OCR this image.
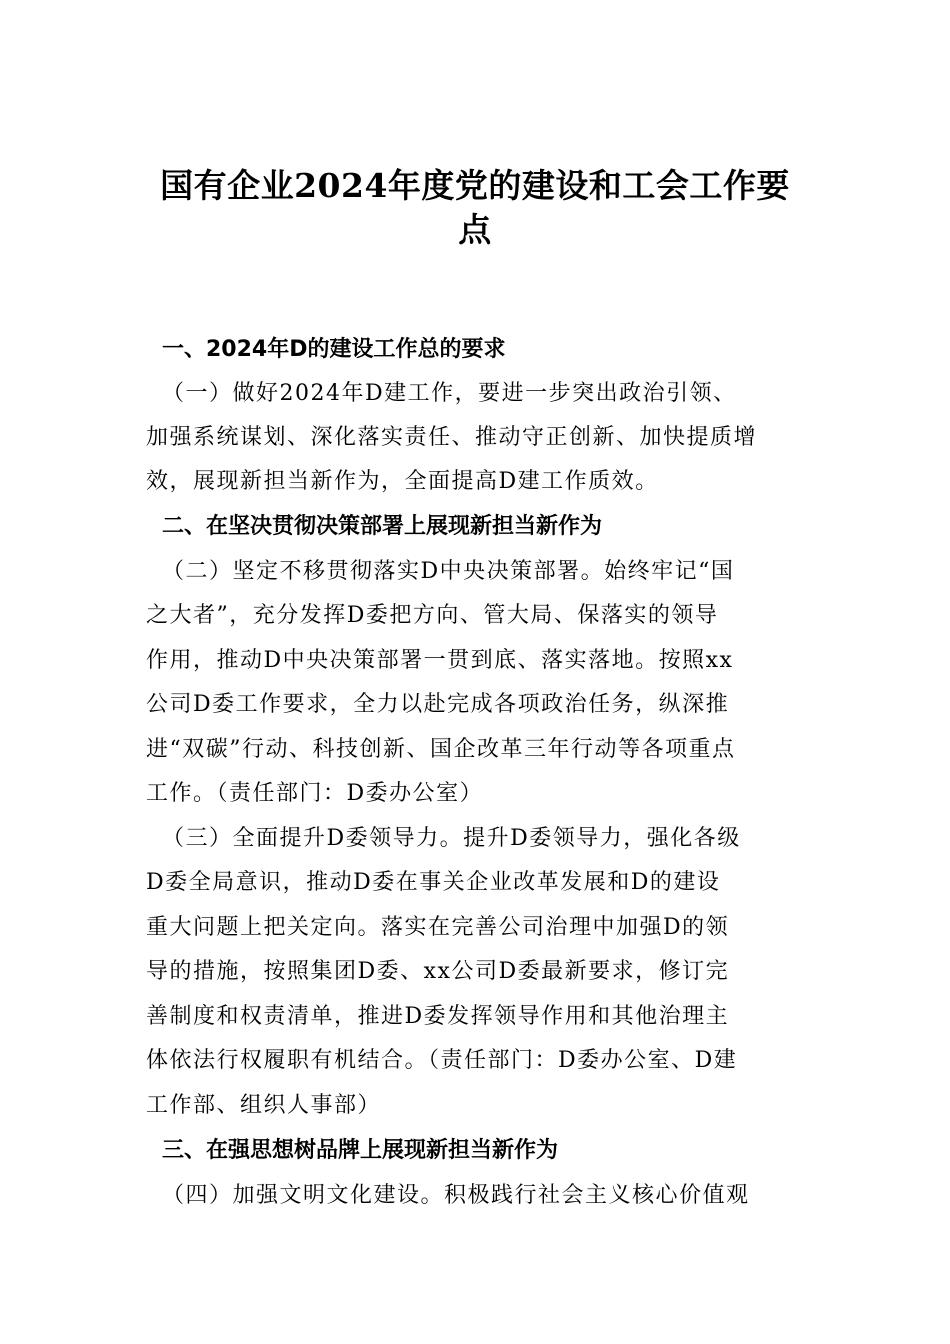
国有企业2024年度党的建设和工会工作要
点
一、2024年D的建设工作总的要求
（一）做好2024年D建工作，要进一步突出政治引领、
加强系统谋划、深化落实责任、推动守正创新、加快提质增
效，展现新担当新作为，全面提高D建工作质效。
二、在坚决贯彻决策部署上展现新担当新作为
（二）坚定不移贯彻落实D中央决策部署。始终牢记“国
之大者”，充分发挥D委把方向、管大局、保落实的领导
作用，推动D中央决策部署一贯到底、落实落地。按照xx
公司D委工作要求，全力以赴完成各项政治任务，纵深推
进“双碳”行动、科技创新、国企改革三年行动等各项重点
工作。（责任部门：D委办公室）
（三）全面提升D委领导力。提升D委领导力，强化各级
D委全局意识，推动D委在事关企业改革发展和D的建设
重大问题上把关定向。落实在完善公司治理中加强D的领
导的措施，按照集团D委、xx公司D委最新要求，修订完
善制度和权责清单，推进D委发挥领导作用和其他治理主
体依法行权履职有机结合。（责任部门：D委办公室、D建
工作部、组织人事部）
三、在强思想树品牌上展现新担当新作为
（四）加强文明文化建设。积极践行社会主义核心价值观
